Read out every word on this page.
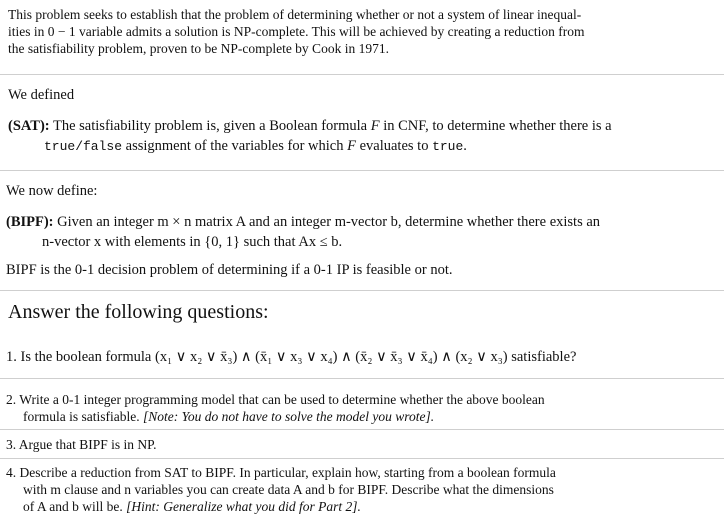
This problem seeks to establish that the problem of determining whether or not a system of linear inequal-
ities in 0 − 1 variable admits a solution is NP-complete. This will be achieved by creating a reduction from
the satisfiability problem, proven to be NP-complete by Cook in 1971.
We defined
(SAT): The satisfiability problem is, given a Boolean formula F in CNF, to determine whether there is a
true/false assignment of the variables for which F evaluates to true.
We now define:
(BIPF): Given an integer m × n matrix A and an integer m-vector b, determine whether there exists an
n-vector x with elements in {0, 1} such that Ax ≤ b.
BIPF is the 0-1 decision problem of determining if a 0-1 IP is feasible or not.
Answer the following questions:
1. Is the boolean formula (x₁ ∨ x₂ ∨ x̄₃) ∧ (x̄₁ ∨ x₃ ∨ x₄) ∧ (x̄₂ ∨ x̄₃ ∨ x̄₄) ∧ (x₂ ∨ x₃) satisfiable?
2. Write a 0-1 integer programming model that can be used to determine whether the above boolean
formula is satisfiable. [Note: You do not have to solve the model you wrote].
3. Argue that BIPF is in NP.
4. Describe a reduction from SAT to BIPF. In particular, explain how, starting from a boolean formula
with m clause and n variables you can create data A and b for BIPF. Describe what the dimensions
of A and b will be. [Hint: Generalize what you did for Part 2].
